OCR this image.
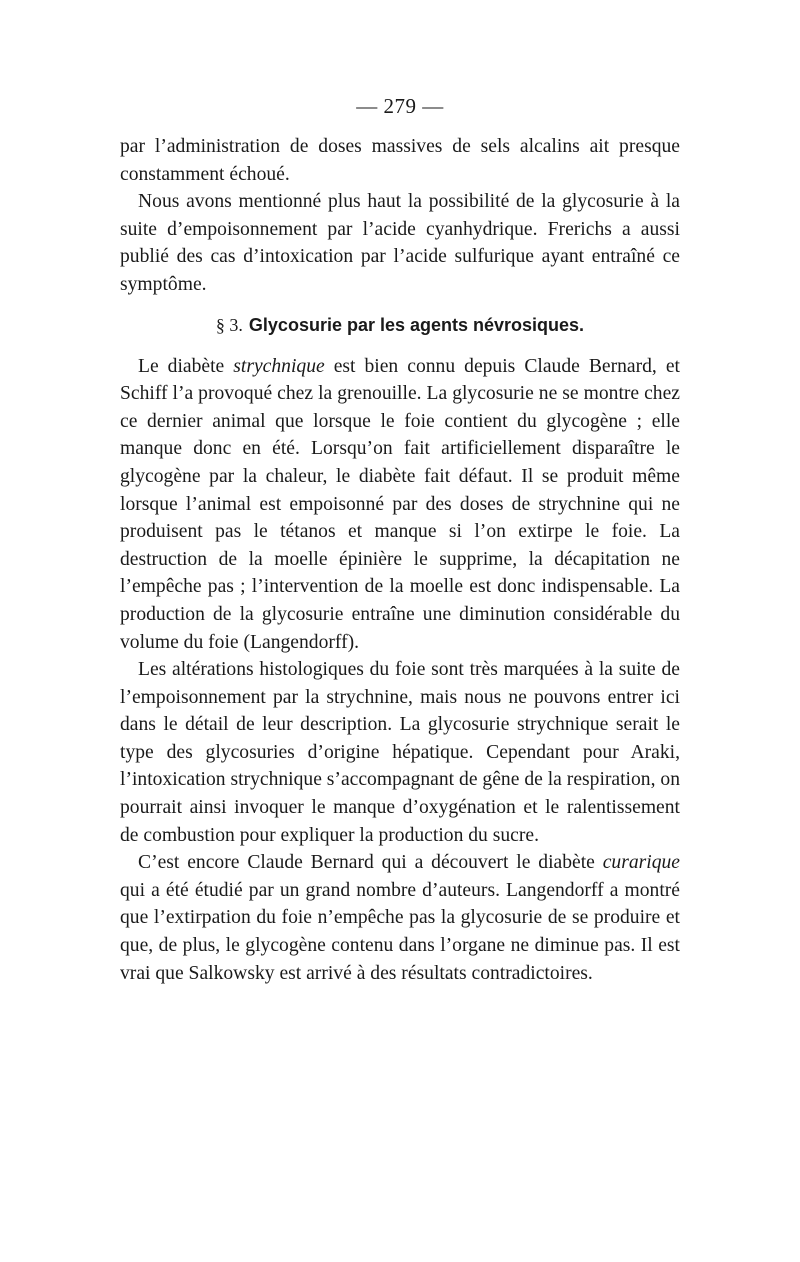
— 279 —

par l’administration de doses massives de sels alcalins ait presque constamment échoué.

Nous avons mentionné plus haut la possibilité de la glycosurie à la suite d’empoisonnement par l’acide cyanhydrique. Frerichs a aussi publié des cas d’intoxication par l’acide sulfurique ayant entraîné ce symptôme.

§ 3. Glycosurie par les agents névrosiques.

Le diabète strychnique est bien connu depuis Claude Bernard, et Schiff l’a provoqué chez la grenouille. La glycosurie ne se montre chez ce dernier animal que lorsque le foie contient du glycogène ; elle manque donc en été. Lorsqu’on fait artificiellement disparaître le glycogène par la chaleur, le diabète fait défaut. Il se produit même lorsque l’animal est empoisonné par des doses de strychnine qui ne produisent pas le tétanos et manque si l’on extirpe le foie. La destruction de la moelle épinière le supprime, la décapitation ne l’empêche pas ; l’intervention de la moelle est donc indispensable. La production de la glycosurie entraîne une diminution considérable du volume du foie (Langendorff).

Les altérations histologiques du foie sont très marquées à la suite de l’empoisonnement par la strychnine, mais nous ne pouvons entrer ici dans le détail de leur description. La glycosurie strychnique serait le type des glycosuries d’origine hépatique. Cependant pour Araki, l’intoxication strychnique s’accompagnant de gêne de la respiration, on pourrait ainsi invoquer le manque d’oxygénation et le ralentissement de combustion pour expliquer la production du sucre.

C’est encore Claude Bernard qui a découvert le diabète curarique qui a été étudié par un grand nombre d’auteurs. Langendorff a montré que l’extirpation du foie n’empêche pas la glycosurie de se produire et que, de plus, le glycogène contenu dans l’organe ne diminue pas. Il est vrai que Salkowsky est arrivé à des résultats contradictoires.
